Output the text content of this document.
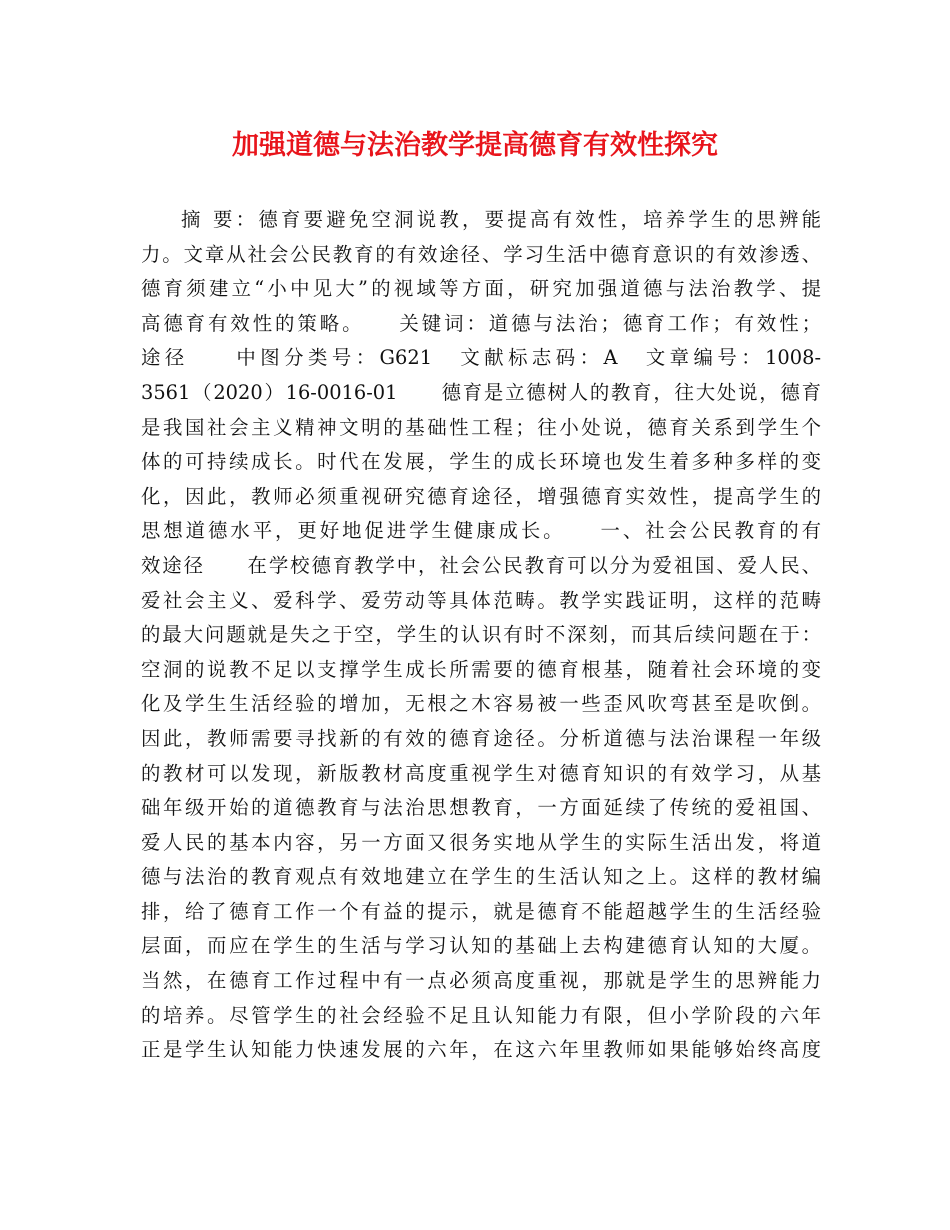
加强道德与法治教学提高德育有效性探究
摘 要：德育要避免空洞说教，要提高有效性，培养学生的思辨能
力。文章从社会公民教育的有效途径、学习生活中德育意识的有效渗透、
德育须建立“小中见大”的视域等方面，研究加强道德与法治教学、提
高德育有效性的策略。　　关键词：道德与法治；德育工作；有效性；
途径　　中图分类号：G621　文献标志码：A　文章编号：1008-
3561（2020）16-0016-01　　德育是立德树人的教育，往大处说，德育
是我国社会主义精神文明的基础性工程；往小处说，德育关系到学生个
体的可持续成长。时代在发展，学生的成长环境也发生着多种多样的变
化，因此，教师必须重视研究德育途径，增强德育实效性，提高学生的
思想道德水平，更好地促进学生健康成长。　　一、社会公民教育的有
效途径　　在学校德育教学中，社会公民教育可以分为爱祖国、爱人民、
爱社会主义、爱科学、爱劳动等具体范畴。教学实践证明，这样的范畴
的最大问题就是失之于空，学生的认识有时不深刻，而其后续问题在于：
空洞的说教不足以支撑学生成长所需要的德育根基，随着社会环境的变
化及学生生活经验的增加，无根之木容易被一些歪风吹弯甚至是吹倒。
因此，教师需要寻找新的有效的德育途径。分析道德与法治课程一年级
的教材可以发现，新版教材高度重视学生对德育知识的有效学习，从基
础年级开始的道德教育与法治思想教育，一方面延续了传统的爱祖国、
爱人民的基本内容，另一方面又很务实地从学生的实际生活出发，将道
德与法治的教育观点有效地建立在学生的生活认知之上。这样的教材编
排，给了德育工作一个有益的提示，就是德育不能超越学生的生活经验
层面，而应在学生的生活与学习认知的基础上去构建德育认知的大厦。
当然，在德育工作过程中有一点必须高度重视，那就是学生的思辨能力
的培养。尽管学生的社会经验不足且认知能力有限，但小学阶段的六年
正是学生认知能力快速发展的六年，在这六年里教师如果能够始终高度
